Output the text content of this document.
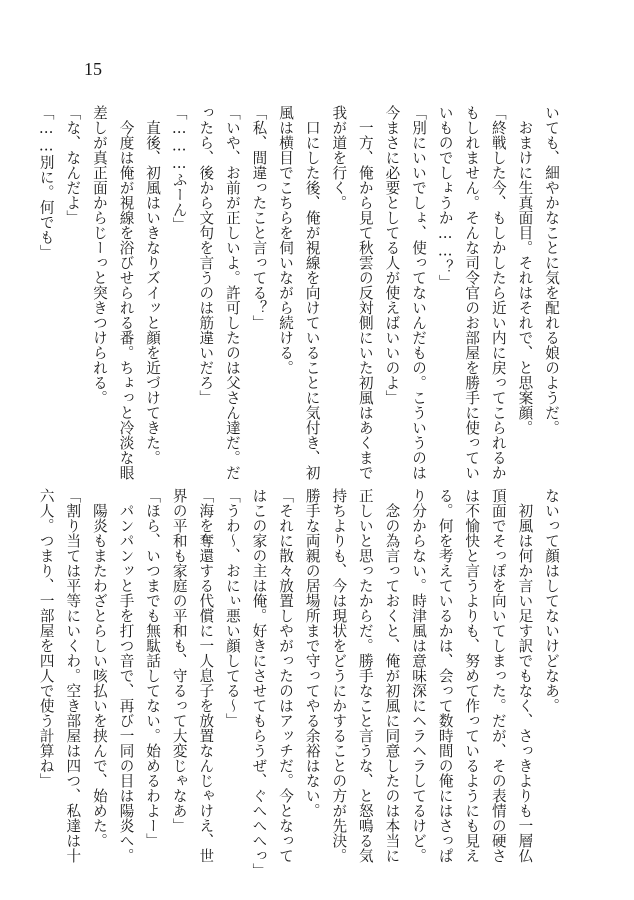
15
いても、細やかなことに気を配れる娘のようだ。
おまけに生真面目。それはそれで、と思案顔。
「終戦した今、もしかしたら近い内に戻ってこられるか
もしれません。そんな司令官のお部屋を勝手に使ってい
いものでしょうか……？」
「別にいいでしょ、使ってないんだもの。こういうのは
今まさに必要としてる人が使えばいいのよ」
一方、俺から見て秋雲の反対側にいた初風はあくまで
我が道を行く。
口にした後、俺が視線を向けていることに気付き、初
風は横目でこちらを伺いながら続ける。
「私、間違ったこと言ってる？」
「いや、お前が正しいよ。許可したのは父さん達だ。だ
ったら、後から文句を言うのは筋違いだろ」
「………ふーん」
直後、初風はいきなりズイッと顔を近づけてきた。
今度は俺が視線を浴びせられる番。ちょっと冷淡な眼
差しが真正面からじーっと突きつけられる。
「な、なんだよ」
「……別に。何でも」
ないって顔はしてないけどなあ。
初風は何か言い足す訳でもなく、さっきよりも一層仏
頂面でそっぽを向いてしまった。だが、その表情の硬さ
は不愉快と言うよりも、努めて作っているようにも見え
る。何を考えているかは、会って数時間の俺にはさっぱ
り分からない。時津風は意味深にヘラヘラしてるけど。
念の為言っておくと、俺が初風に同意したのは本当に
正しいと思ったからだ。勝手なこと言うな、と怒鳴る気
持ちよりも、今は現状をどうにかすることの方が先決。
勝手な両親の居場所まで守ってやる余裕はない。
「それに散々放置しやがったのはアッチだ。今となって
はこの家の主は俺。好きにさせてもらうぜ、ぐへへへっ」
「うわ〜、おにぃ悪い顔してる〜」
「海を奪還する代償に一人息子を放置なんじゃけえ、世
界の平和も家庭の平和も、守るって大変じゃなあ」
「ほら、いつまでも無駄話してない。始めるわよー」
パンパンッと手を打つ音で、再び一同の目は陽炎へ。
陽炎もまたわざとらしい咳払いを挟んで、始めた。
「割り当ては平等にいくわ。空き部屋は四つ、私達は十
六人。つまり、一部屋を四人で使う計算ね」
